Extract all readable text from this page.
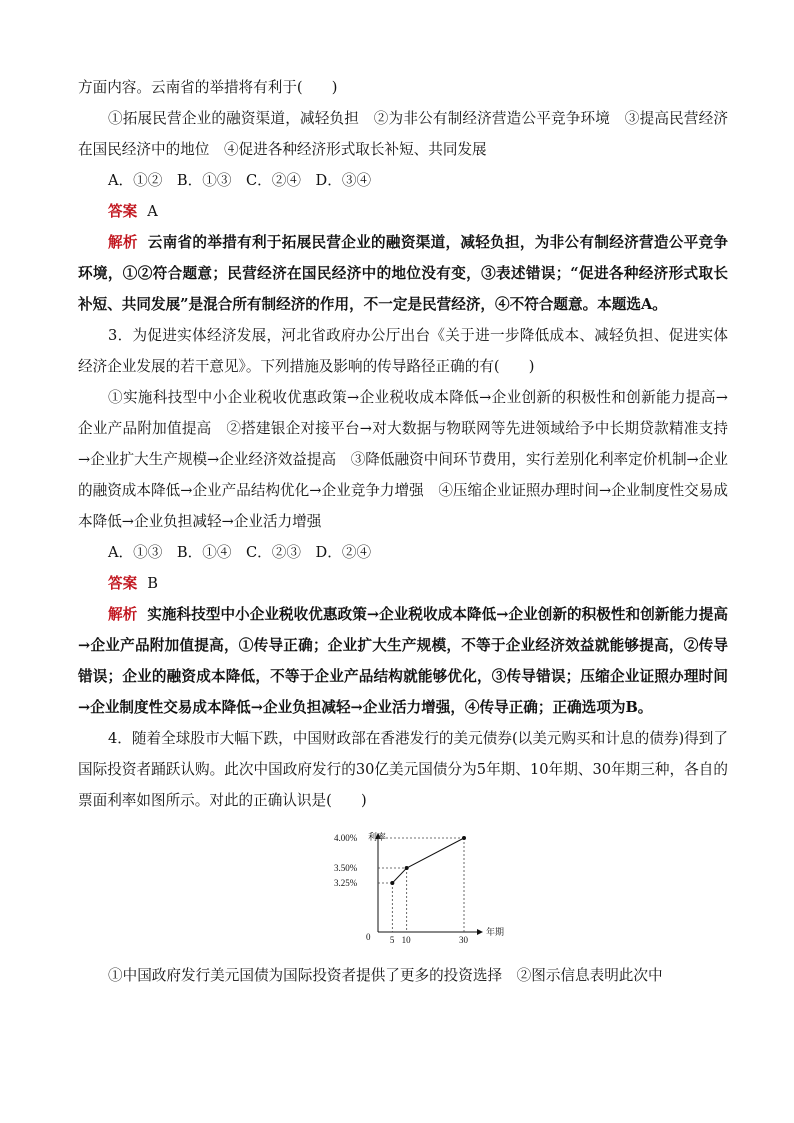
方面内容。云南省的举措将有利于(　　)

①拓展民营企业的融资渠道，减轻负担　②为非公有制经济营造公平竞争环境　③提高民营经济在国民经济中的地位　④促进各种经济形式取长补短、共同发展

A．①②　B．①③　C．②④　D．③④

答案 A

解析 云南省的举措有利于拓展民营企业的融资渠道，减轻负担，为非公有制经济营造公平竞争环境，①②符合题意；民营经济在国民经济中的地位没有变，③表述错误；“促进各种经济形式取长补短、共同发展”是混合所有制经济的作用，不一定是民营经济，④不符合题意。本题选A。

3．为促进实体经济发展，河北省政府办公厅出台《关于进一步降低成本、减轻负担、促进实体经济企业发展的若干意见》。下列措施及影响的传导路径正确的有(　　)

①实施科技型中小企业税收优惠政策→企业税收成本降低→企业创新的积极性和创新能力提高→企业产品附加值提高　②搭建银企对接平台→对大数据与物联网等先进领域给予中长期贷款精准支持→企业扩大生产规模→企业经济效益提高　③降低融资中间环节费用，实行差别化利率定价机制→企业的融资成本降低→企业产品结构优化→企业竞争力增强　④压缩企业证照办理时间→企业制度性交易成本降低→企业负担减轻→企业活力增强

A．①③　B．①④　C．②③　D．②④

答案 B

解析 实施科技型中小企业税收优惠政策→企业税收成本降低→企业创新的积极性和创新能力提高→企业产品附加值提高，①传导正确；企业扩大生产规模，不等于企业经济效益就能够提高，②传导错误；企业的融资成本降低，不等于企业产品结构就能够优化，③传导错误；压缩企业证照办理时间→企业制度性交易成本降低→企业负担减轻→企业活力增强，④传导正确；正确选项为B。

4．随着全球股市大幅下跌，中国财政部在香港发行的美元债券(以美元购买和计息的债券)得到了国际投资者踊跃认购。此次中国政府发行的30亿美元国债分为5年期、10年期、30年期三种，各自的票面利率如图所示。对此的正确认识是(　　)

利率
年期
0
3.25%
3.50%
4.00%
5 10	30

①中国政府发行美元国债为国际投资者提供了更多的投资选择　②图示信息表明此次中
